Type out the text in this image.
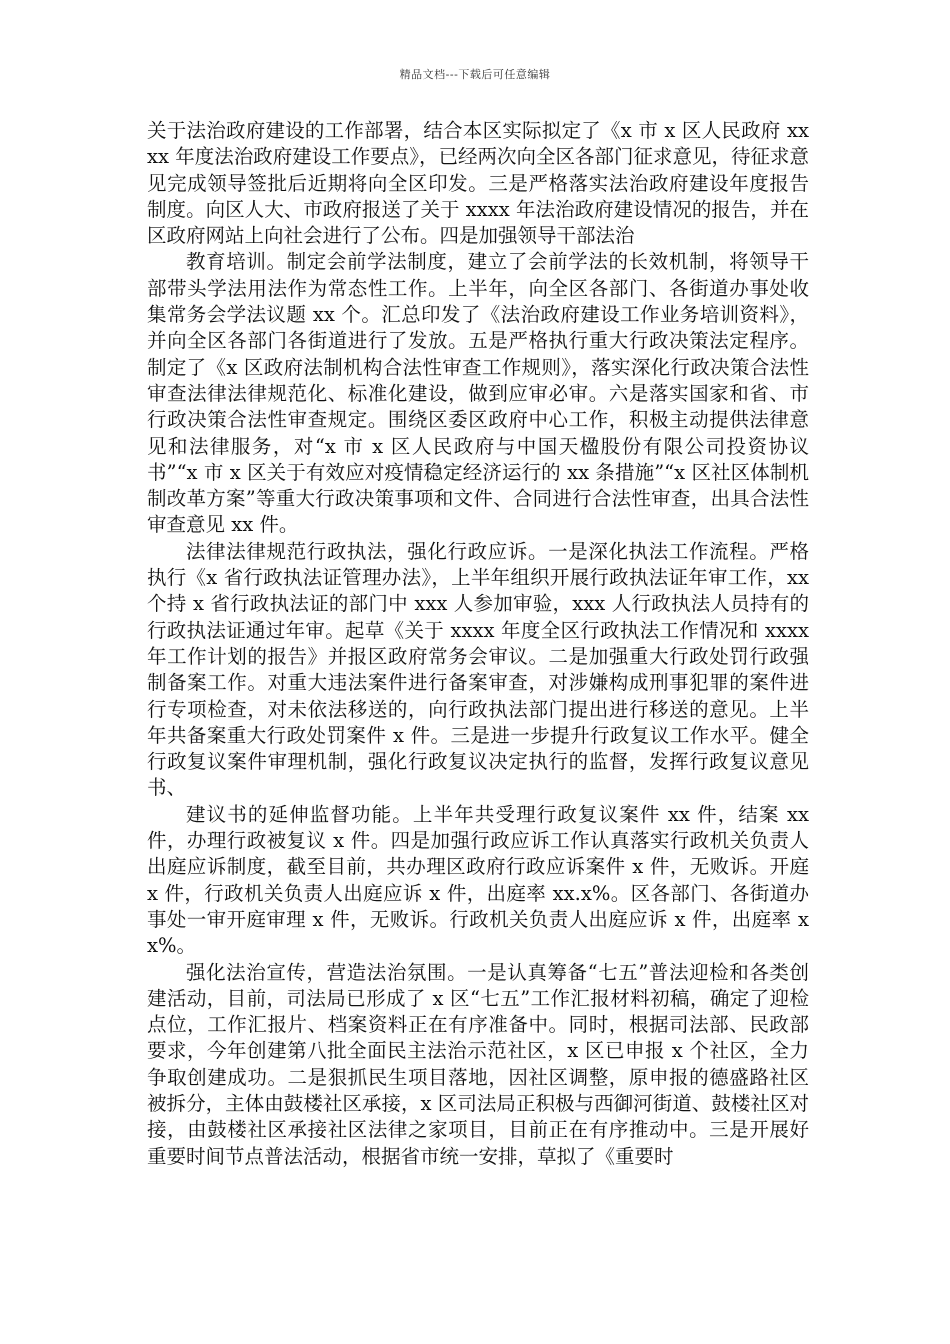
精品文档---下载后可任意编辑

关于法治政府建设的工作部署，结合本区实际拟定了《x 市 x 区人民政府 xxxx 年度法治政府建设工作要点》，已经两次向全区各部门征求意见，待征求意见完成领导签批后近期将向全区印发。三是严格落实法治政府建设年度报告制度。向区人大、市政府报送了关于 xxxx 年法治政府建设情况的报告，并在区政府网站上向社会进行了公布。四是加强领导干部法治

教育培训。制定会前学法制度，建立了会前学法的长效机制，将领导干部带头学法用法作为常态性工作。上半年，向全区各部门、各街道办事处收集常务会学法议题 xx 个。汇总印发了《法治政府建设工作业务培训资料》，并向全区各部门各街道进行了发放。五是严格执行重大行政决策法定程序。制定了《x 区政府法制机构合法性审查工作规则》，落实深化行政决策合法性审查法律法律规范化、标准化建设，做到应审必审。六是落实国家和省、市行政决策合法性审查规定。围绕区委区政府中心工作，积极主动提供法律意见和法律服务，对“x 市 x 区人民政府与中国天楹股份有限公司投资协议书”“x 市 x 区关于有效应对疫情稳定经济运行的 xx 条措施”“x 区社区体制机制改革方案”等重大行政决策事项和文件、合同进行合法性审查，出具合法性审查意见 xx 件。

法律法律规范行政执法，强化行政应诉。一是深化执法工作流程。严格执行《x 省行政执法证管理办法》，上半年组织开展行政执法证年审工作，xx 个持 x 省行政执法证的部门中 xxx 人参加审验，xxx 人行政执法人员持有的行政执法证通过年审。起草《关于 xxxx 年度全区行政执法工作情况和 xxxx 年工作计划的报告》并报区政府常务会审议。二是加强重大行政处罚行政强制备案工作。对重大违法案件进行备案审查，对涉嫌构成刑事犯罪的案件进行专项检查，对未依法移送的，向行政执法部门提出进行移送的意见。上半年共备案重大行政处罚案件 x 件。三是进一步提升行政复议工作水平。健全行政复议案件审理机制，强化行政复议决定执行的监督，发挥行政复议意见书、

建议书的延伸监督功能。上半年共受理行政复议案件 xx 件，结案 xx件，办理行政被复议 x 件。四是加强行政应诉工作认真落实行政机关负责人出庭应诉制度，截至目前，共办理区政府行政应诉案件 x 件，无败诉。开庭 x 件，行政机关负责人出庭应诉 x 件，出庭率 xx.x%。区各部门、各街道办事处一审开庭审理 x 件，无败诉。行政机关负责人出庭应诉 x 件，出庭率 xx%。

强化法治宣传，营造法治氛围。一是认真筹备“七五”普法迎检和各类创建活动，目前，司法局已形成了 x 区“七五”工作汇报材料初稿，确定了迎检点位，工作汇报片、档案资料正在有序准备中。同时，根据司法部、民政部要求，今年创建第八批全面民主法治示范社区，x 区已申报 x 个社区，全力争取创建成功。二是狠抓民生项目落地，因社区调整，原申报的德盛路社区被拆分，主体由鼓楼社区承接，x 区司法局正积极与西御河街道、鼓楼社区对接，由鼓楼社区承接社区法律之家项目，目前正在有序推动中。三是开展好重要时间节点普法活动，根据省市统一安排，草拟了《重要时
